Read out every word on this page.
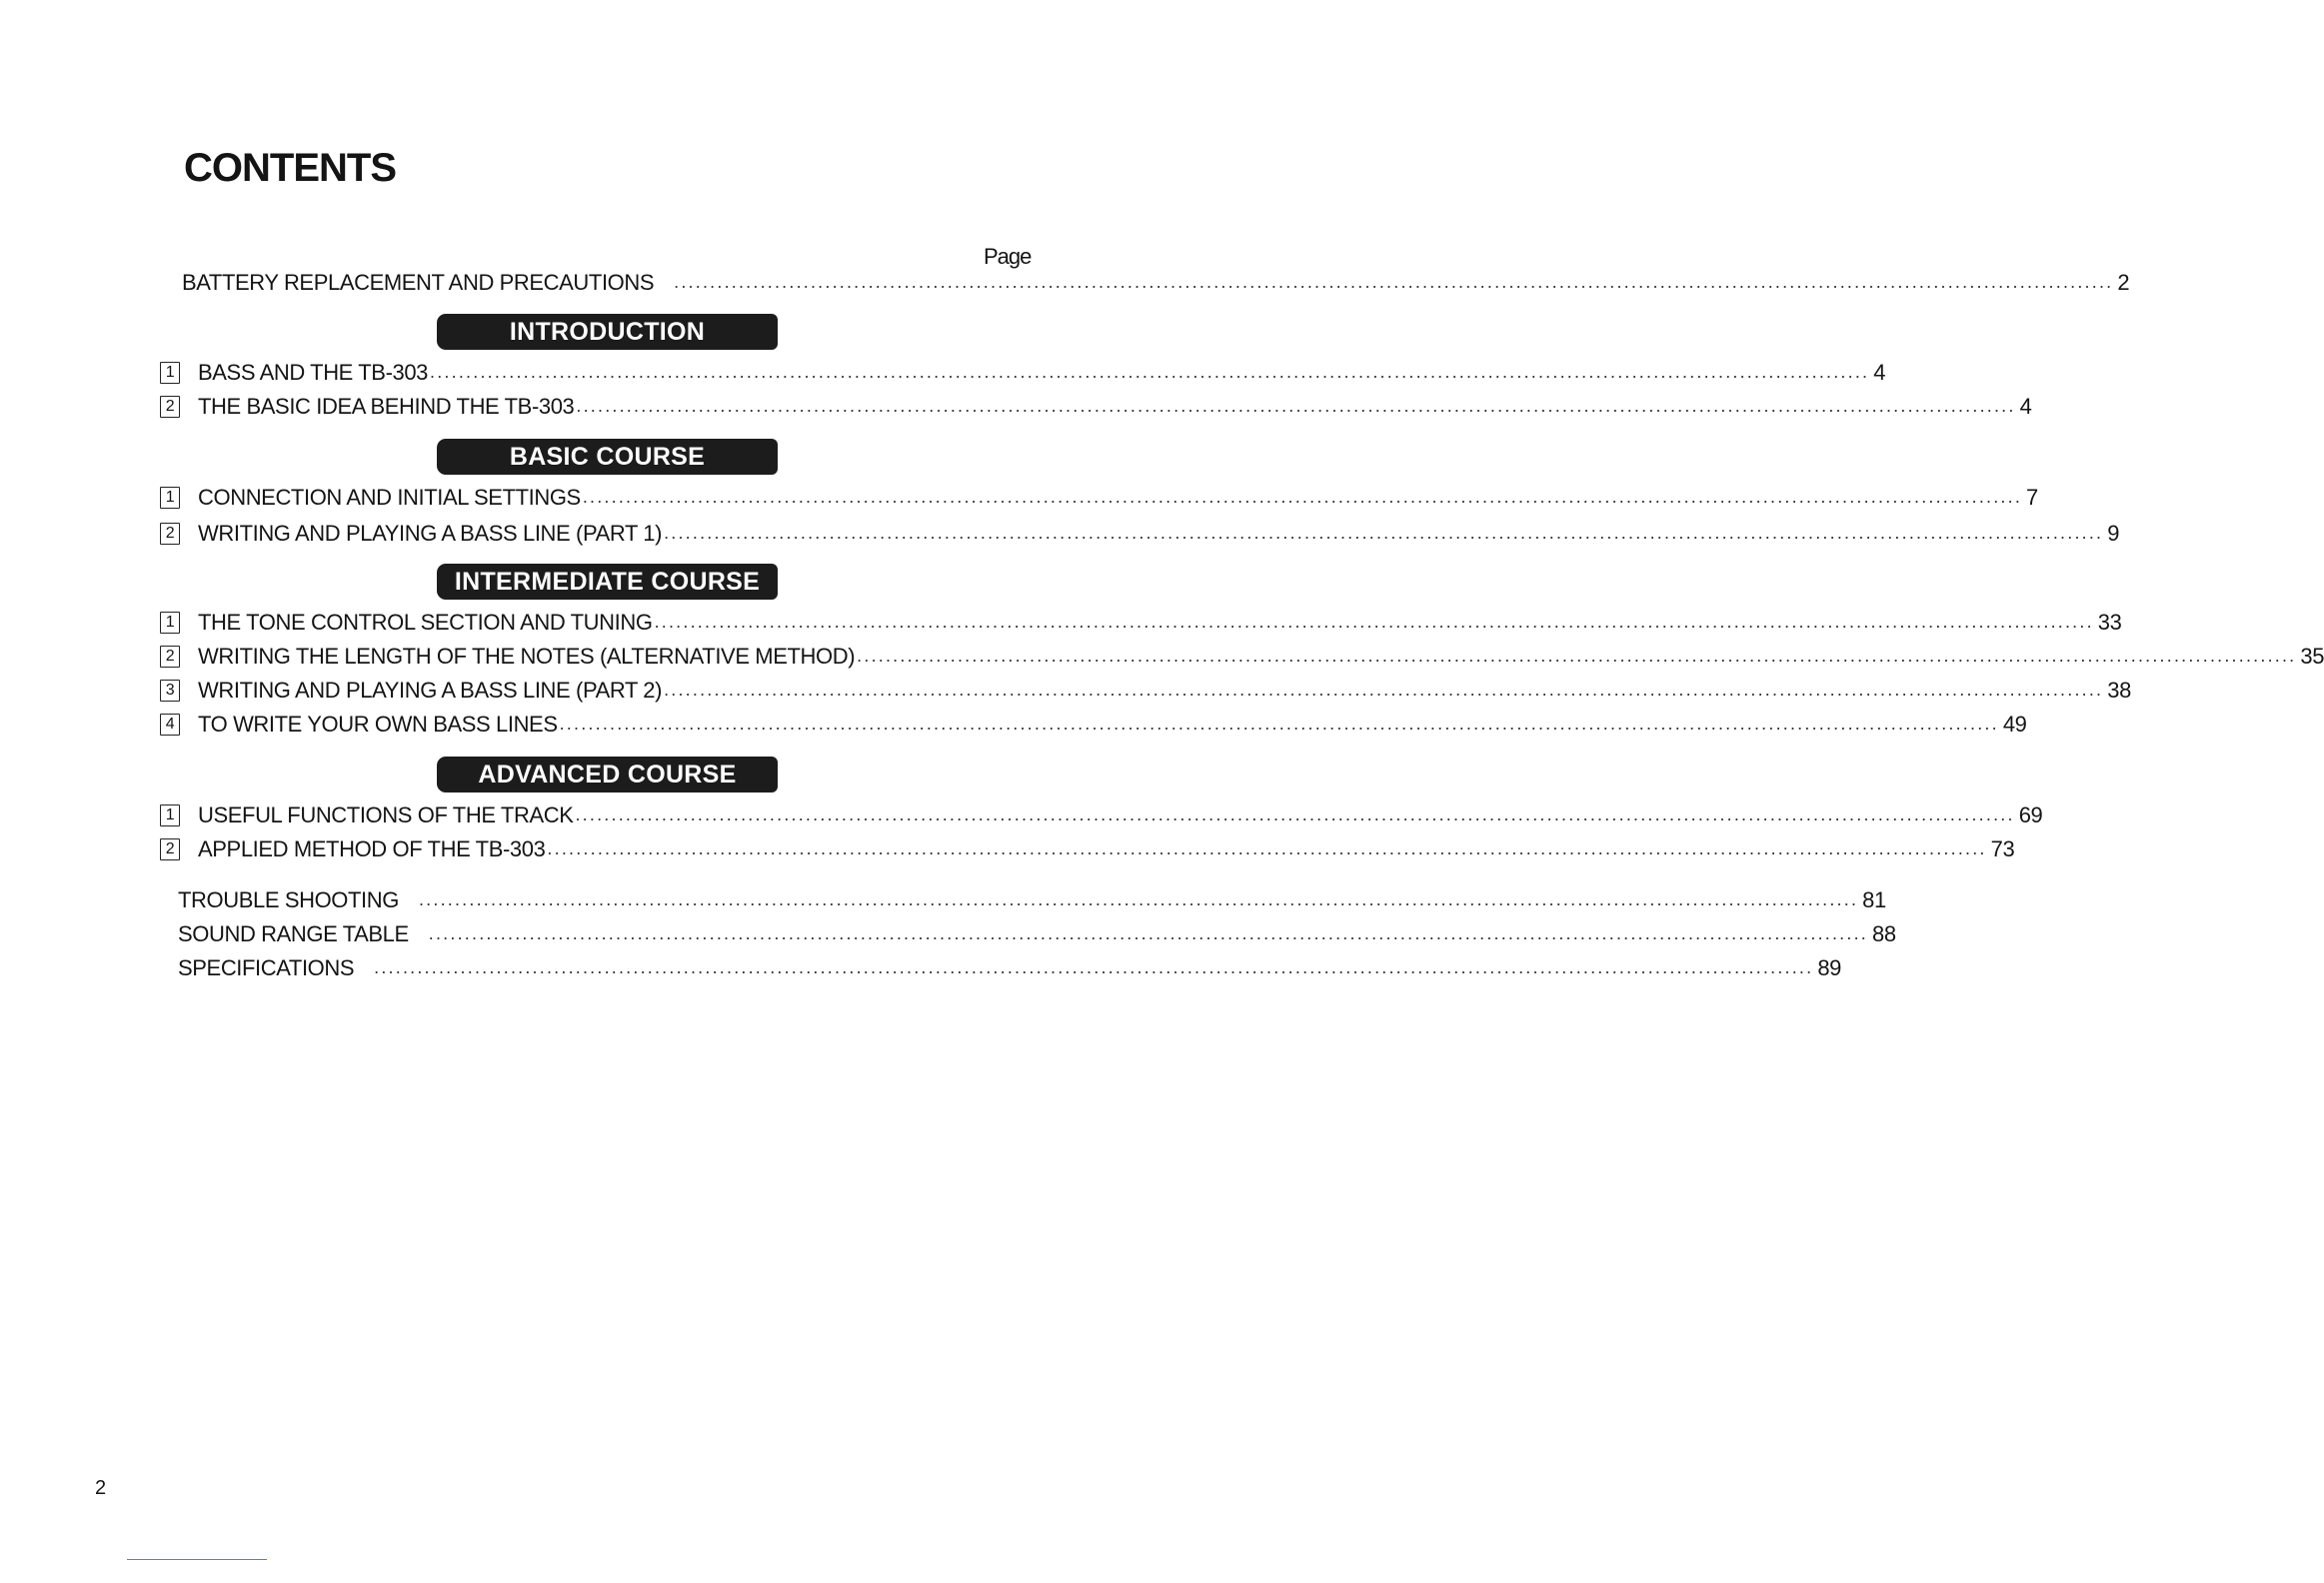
CONTENTS
Page
BATTERY REPLACEMENT AND PRECAUTIONS ........................................................................................................................................................................................................ 2
INTRODUCTION
1 BASS AND THE TB-303 ........................................................................................................................................................................................................ 4
2 THE BASIC IDEA BEHIND THE TB-303 ........................................................................................................................................................................................................ 4
BASIC COURSE
1 CONNECTION AND INITIAL SETTINGS ........................................................................................................................................................................................................ 7
2 WRITING AND PLAYING A BASS LINE (PART 1) ........................................................................................................................................................................................................ 9
INTERMEDIATE COURSE
1 THE TONE CONTROL SECTION AND TUNING ........................................................................................................................................................................................................ 33
2 WRITING THE LENGTH OF THE NOTES (ALTERNATIVE METHOD) ........................................................................................................................................................................................................ 35
3 WRITING AND PLAYING A BASS LINE (PART 2) ........................................................................................................................................................................................................ 38
4 TO WRITE YOUR OWN BASS LINES ........................................................................................................................................................................................................ 49
ADVANCED COURSE
1 USEFUL FUNCTIONS OF THE TRACK ........................................................................................................................................................................................................ 69
2 APPLIED METHOD OF THE TB-303 ........................................................................................................................................................................................................ 73
TROUBLE SHOOTING ........................................................................................................................................................................................................ 81
SOUND RANGE TABLE ........................................................................................................................................................................................................ 88
SPECIFICATIONS ........................................................................................................................................................................................................ 89
2
